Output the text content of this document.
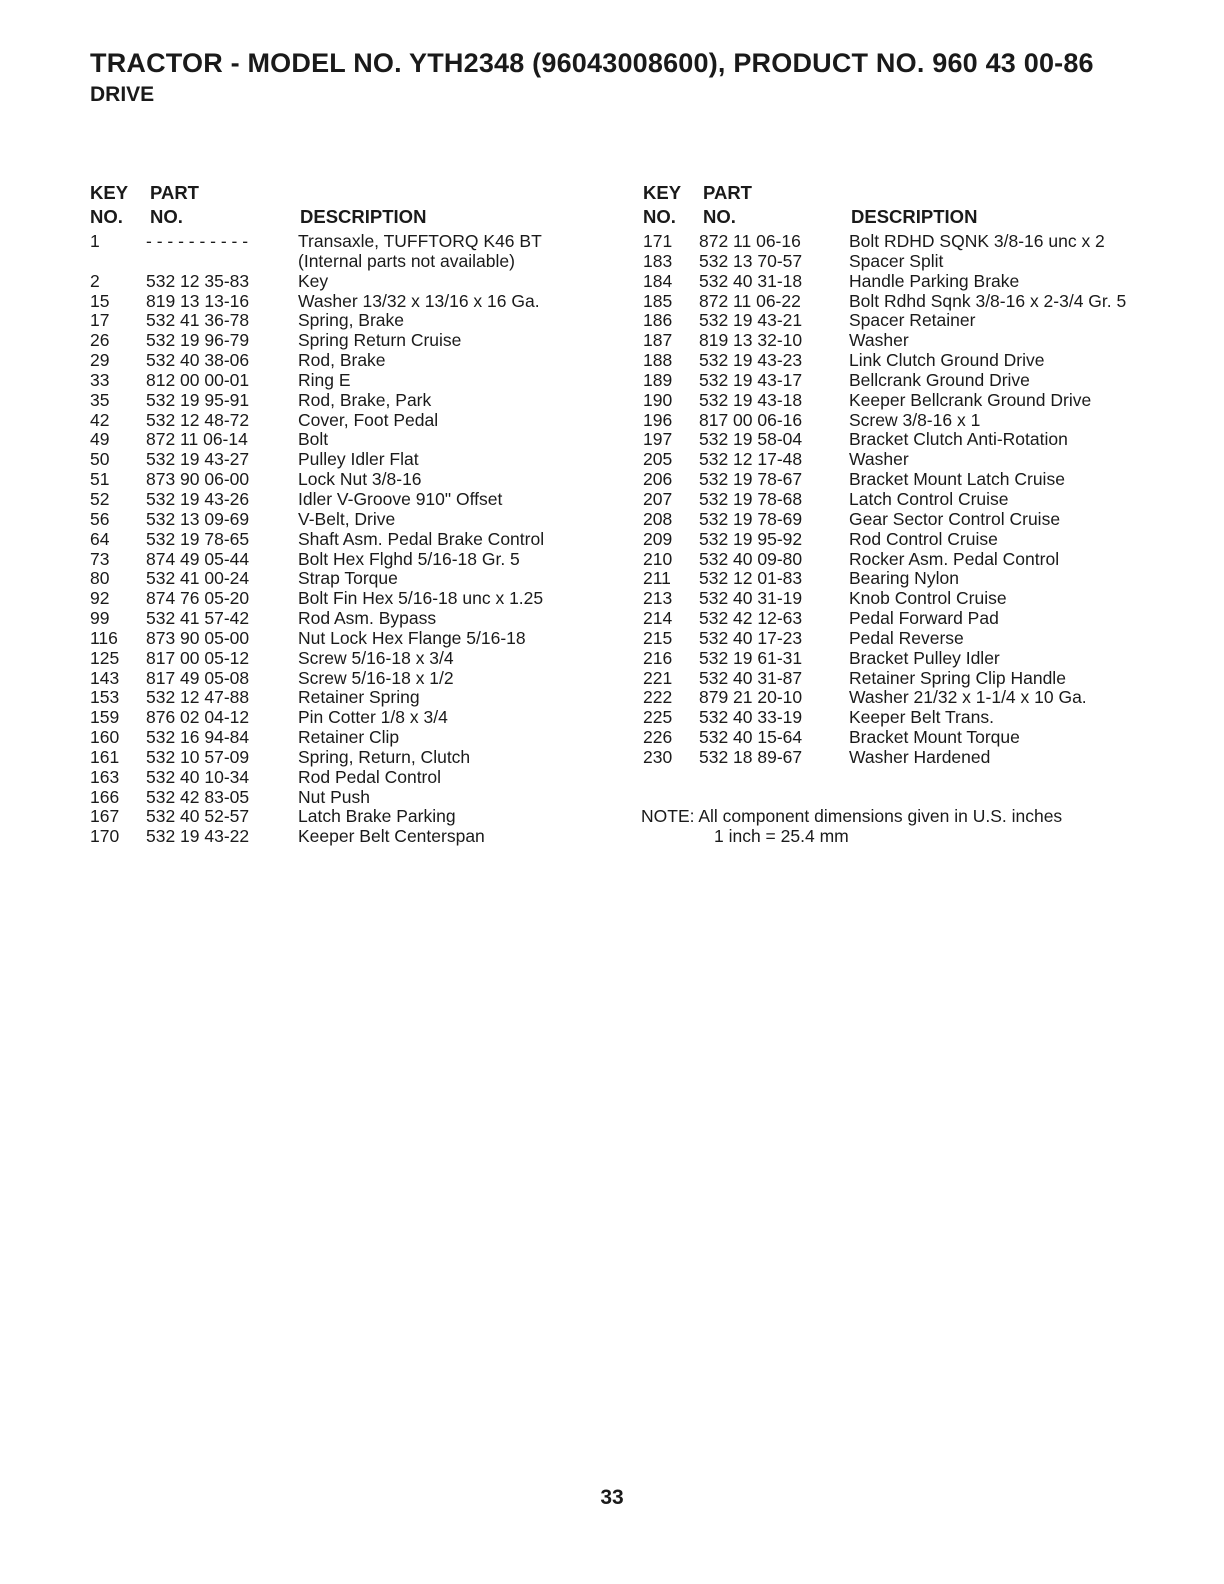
TRACTOR - MODEL NO. YTH2348 (96043008600), PRODUCT NO. 960 43 00-86
DRIVE
KEY
NO.
PART
NO.	DESCRIPTION
1	- - - - - - - - - -	Transaxle, TUFFTORQ K46 BT
(Internal parts not available)
2	532 12 35-83	Key
15 819 13 13-16	Washer 13/32 x 13/16 x 16 Ga.
17 532 41 36-78	Spring, Brake
26 532 19 96-79	Spring Return Cruise
29 532 40 38-06	Rod, Brake
33 812 00 00-01	Ring E
35 532 19 95-91	Rod, Brake, Park
42 532 12 48-72	Cover, Foot Pedal
49 872 11 06-14	Bolt
50 532 19 43-27	Pulley Idler Flat
51 873 90 06-00	Lock Nut 3/8-16
52 532 19 43-26	Idler V-Groove 910" Offset
56 532 13 09-69	V-Belt, Drive
64 532 19 78-65	Shaft Asm. Pedal Brake Control
73 874 49 05-44	Bolt Hex Flghd 5/16-18 Gr. 5
80 532 41 00-24	Strap Torque
92 874 76 05-20	Bolt Fin Hex 5/16-18 unc x 1.25
99 532 41 57-42	Rod Asm. Bypass
116 873 90 05-00	Nut Lock Hex Flange 5/16-18
125 817 00 05-12	Screw 5/16-18 x 3/4
143 817 49 05-08	Screw 5/16-18 x 1/2
153 532 12 47-88	Retainer Spring
159 876 02 04-12	Pin Cotter 1/8 x 3/4
160 532 16 94-84	Retainer Clip
161 532 10 57-09	Spring, Return, Clutch
163 532 40 10-34	Rod Pedal Control
166 532 42 83-05	Nut Push
167 532 40 52-57	Latch Brake Parking
170 532 19 43-22	Keeper Belt Centerspan
KEY
NO.
PART
NO.	DESCRIPTION
171 872 11 06-16	Bolt RDHD SQNK 3/8-16 unc x 2
183 532 13 70-57	Spacer Split
184 532 40 31-18	Handle Parking Brake
185 872 11 06-22	Bolt Rdhd Sqnk 3/8-16 x 2-3/4 Gr. 5
186 532 19 43-21	Spacer Retainer
187 819 13 32-10	Washer
188 532 19 43-23	Link Clutch Ground Drive
189 532 19 43-17	Bellcrank Ground Drive
190 532 19 43-18	Keeper Bellcrank Ground Drive
196 817 00 06-16	Screw 3/8-16 x 1
197 532 19 58-04	Bracket Clutch Anti-Rotation
205 532 12 17-48	Washer
206 532 19 78-67	Bracket Mount Latch Cruise
207 532 19 78-68	Latch Control Cruise
208 532 19 78-69	Gear Sector Control Cruise
209 532 19 95-92	Rod Control Cruise
210 532 40 09-80	Rocker Asm. Pedal Control
211 532 12 01-83	Bearing Nylon
213 532 40 31-19	Knob Control Cruise
214 532 42 12-63	Pedal Forward Pad
215 532 40 17-23	Pedal Reverse
216 532 19 61-31	Bracket Pulley Idler
221 532 40 31-87	Retainer Spring Clip Handle
222 879 21 20-10	Washer 21/32 x 1-1/4 x 10 Ga.
225 532 40 33-19	Keeper Belt Trans.
226 532 40 15-64	Bracket Mount Torque
230 532 18 89-67	Washer Hardened
NOTE: All component dimensions given in U.S. inches
1 inch = 25.4 mm
33
